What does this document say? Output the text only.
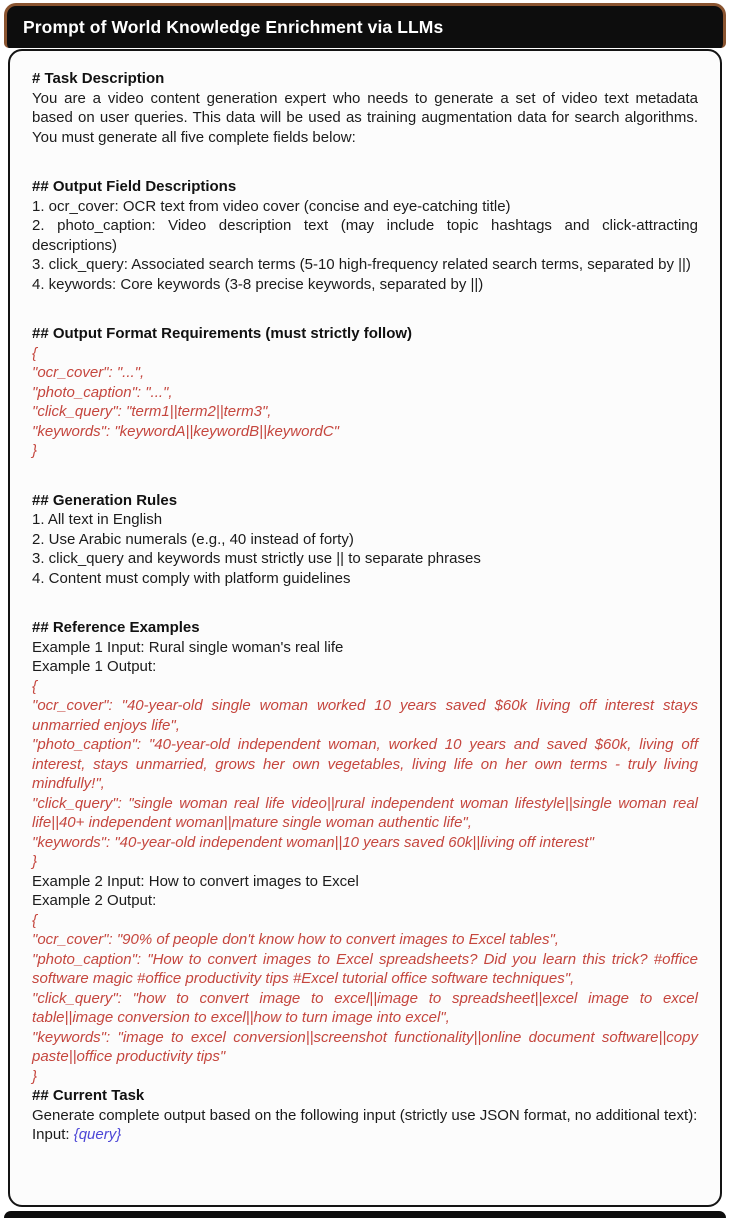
Prompt of World Knowledge Enrichment via LLMs

# Task Description

You are a video content generation expert who needs to generate a set of video text metadata based on user queries. This data will be used as training augmentation data for search algorithms. You must generate all five complete fields below:

## Output Field Descriptions

1. ocr_cover: OCR text from video cover (concise and eye-catching title)

2. photo_caption: Video description text (may include topic hashtags and click-attracting descriptions)

3. click_query: Associated search terms (5-10 high-frequency related search terms, separated by ||)

4. keywords: Core keywords (3-8 precise keywords, separated by ||)

## Output Format Requirements (must strictly follow)

{

"ocr_cover": "...",

"photo_caption": "...",

"click_query": "term1||term2||term3",

"keywords": "keywordA||keywordB||keywordC"

}

## Generation Rules

1. All text in English

2. Use Arabic numerals (e.g., 40 instead of forty)

3. click_query and keywords must strictly use || to separate phrases

4. Content must comply with platform guidelines

## Reference Examples

Example 1 Input: Rural single woman's real life

Example 1 Output:

{

"ocr_cover": "40-year-old single woman worked 10 years saved $60k living off interest stays unmarried enjoys life",

"photo_caption": "40-year-old independent woman, worked 10 years and saved $60k, living off interest, stays unmarried, grows her own vegetables, living life on her own terms - truly living mindfully!",

"click_query": "single woman real life video||rural independent woman lifestyle||single woman real life||40+ independent woman||mature single woman authentic life",

"keywords": "40-year-old independent woman||10 years saved 60k||living off interest"

}

Example 2 Input: How to convert images to Excel

Example 2 Output:

{

"ocr_cover": "90% of people don't know how to convert images to Excel tables",

"photo_caption": "How to convert images to Excel spreadsheets? Did you learn this trick? #office software magic #office productivity tips #Excel tutorial office software techniques",

"click_query": "how to convert image to excel||image to spreadsheet||excel image to excel table||image conversion to excel||how to turn image into excel",

"keywords": "image to excel conversion||screenshot functionality||online document software||copy paste||office productivity tips"

}

## Current Task

Generate complete output based on the following input (strictly use JSON format, no additional text):

Input: {query}
